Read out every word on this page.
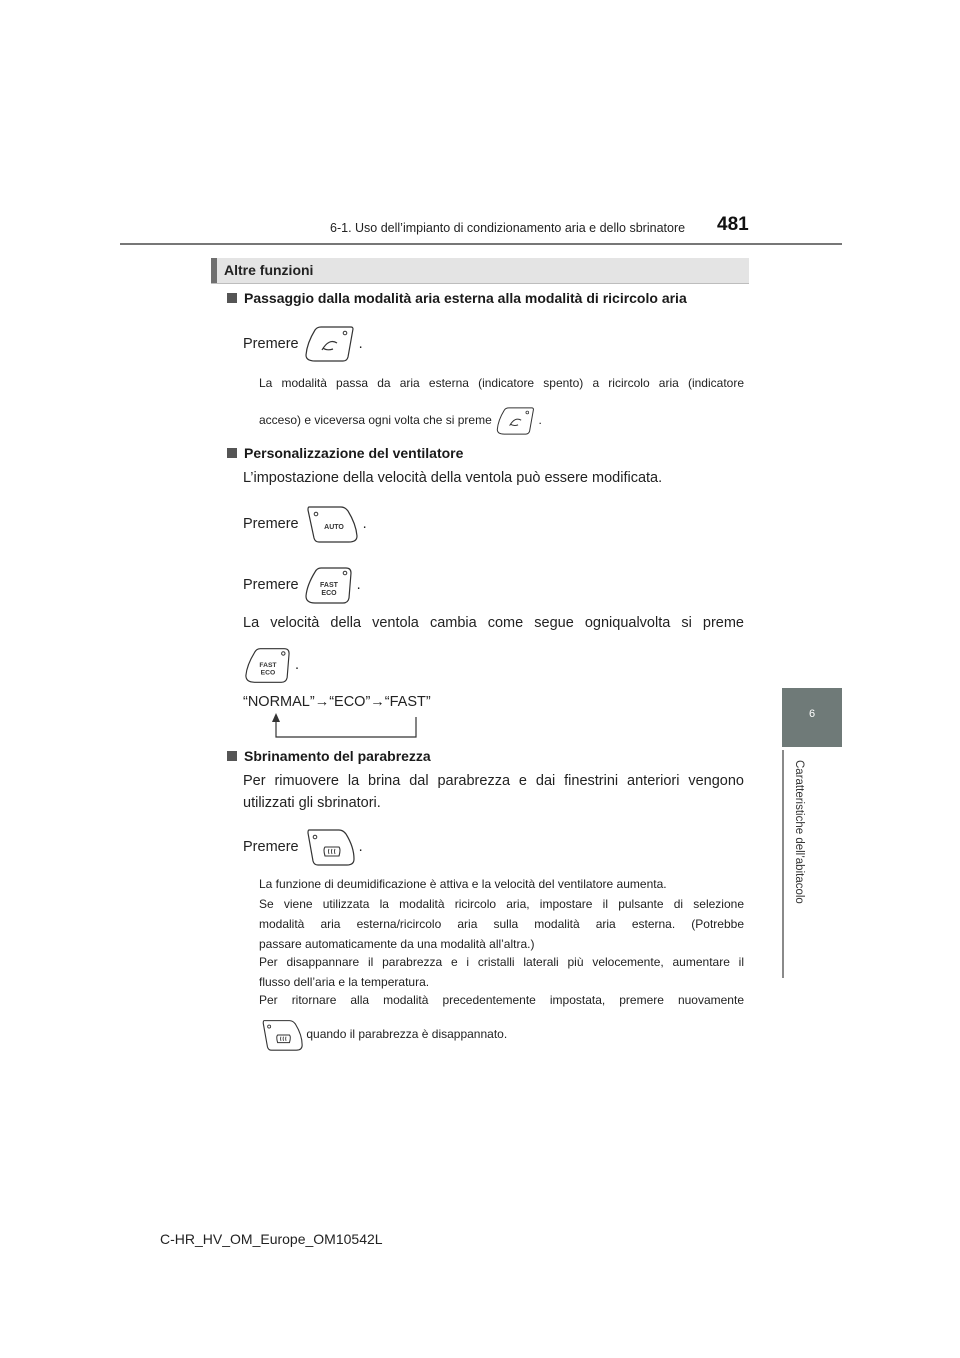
6-1. Uso dell’impianto di condizionamento aria e dello sbrinatore 481
6
Caratteristiche dell’abitacolo
Altre funzioni
Passaggio dalla modalità aria esterna alla modalità di ricircolo aria
Premere	.
La modalità passa da aria esterna (indicatore spento) a ricircolo aria (indicatore
acceso) e viceversa ogni volta che si preme	.
Personalizzazione del ventilatore
L’impostazione della velocità della ventola può essere modificata.
Premere	AUTO .
Premere	FAST
ECO
.
La velocità della ventola cambia come segue ogniqualvolta si preme
FAST
ECO
.
“NORMAL”→“ECO”→“FAST”
Sbrinamento del parabrezza
Per rimuovere la brina dal parabrezza e dai finestrini anteriori vengono
utilizzati gli sbrinatori.
Premere	.
La funzione di deumidificazione è attiva e la velocità del ventilatore aumenta.
Se viene utilizzata la modalità ricircolo aria, impostare il pulsante di selezione
modalità aria esterna/ricircolo aria sulla modalità aria esterna. (Potrebbe
passare automaticamente da una modalità all’altra.)
Per disappannare il parabrezza e i cristalli laterali più velocemente, aumentare il
flusso dell’aria e la temperatura.
Per ritornare alla modalità precedentemente impostata, premere nuovamente
quando il parabrezza è disappannato.
C-HR_HV_OM_Europe_OM10542L
